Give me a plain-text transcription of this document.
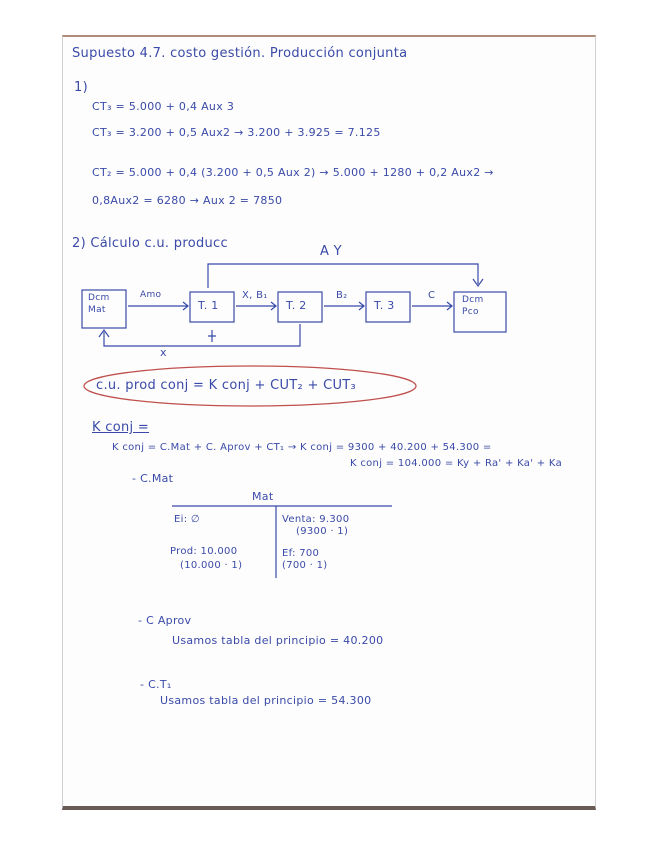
Supuesto 4.7. costo gestión. Producción conjunta
1)
CT₃ = 5.000 + 0,4 Aux 3
CT₃ = 3.200 + 0,5 Aux2 → 3.200 + 3.925 = 7.125
CT₂ = 5.000 + 0,4 (3.200 + 0,5 Aux 2) → 5.000 + 1280 + 0,2 Aux2 →
0,8Aux2 = 6280 → Aux 2 = 7850
2) Cálculo c.u. producc
A Y
Dcm
Mat
Amo
T. 1
X, B₁
T. 2
B₂
T. 3
C	Dcm
Pco
x
c.u. prod conj = K conj + CUT₂ + CUT₃
K conj =
K conj = C.Mat + C. Aprov + CT₁ → K conj = 9300 + 40.200 + 54.300 =
K conj = 104.000 = Ky + Ra' + Ka' + Ka
- C.Mat
Mat
Ei: ∅
Prod: 10.000
(10.000 · 1)
Venta: 9.300
(9300 · 1)
Ef: 700
(700 · 1)
- C Aprov
Usamos tabla del principio = 40.200
- C.T₁
Usamos tabla del principio = 54.300
